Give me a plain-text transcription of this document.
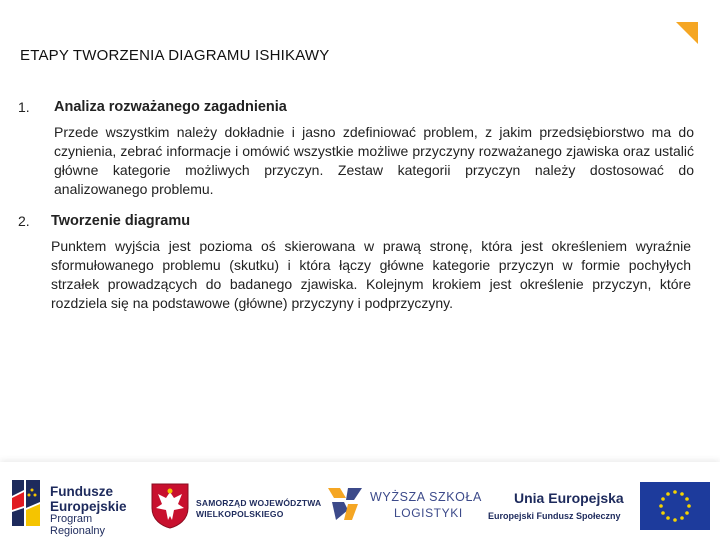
ETAPY TWORZENIA DIAGRAMU ISHIKAWY
1. Analiza rozważanego zagadnienia
Przede wszystkim należy dokładnie i jasno zdefiniować problem, z jakim przedsiębiorstwo ma do czynienia, zebrać informacje i omówić wszystkie możliwe przyczyny rozważanego zjawiska oraz ustalić główne kategorie możliwych przyczyn. Zestaw kategorii przyczyn należy dostosować do analizowanego problemu.
2. Tworzenie diagramu
Punktem wyjścia jest pozioma oś skierowana w prawą stronę, która jest określeniem wyraźnie sformułowanego problemu (skutku) i która łączy główne kategorie przyczyn w formie pochyłych strzałek prowadzących do badanego zjawiska. Kolejnym krokiem jest określenie przyczyn, które rozdziela się na podstawowe (główne) przyczyny i podprzyczyny.
Fundusze
Europejskie
Program Regionalny
SAMORZĄD WOJEWÓDZTWA
WIELKOPOLSKIEGO
WYŻSZA SZKOŁA
LOGISTYKI
Unia Europejska
Europejski Fundusz Społeczny
